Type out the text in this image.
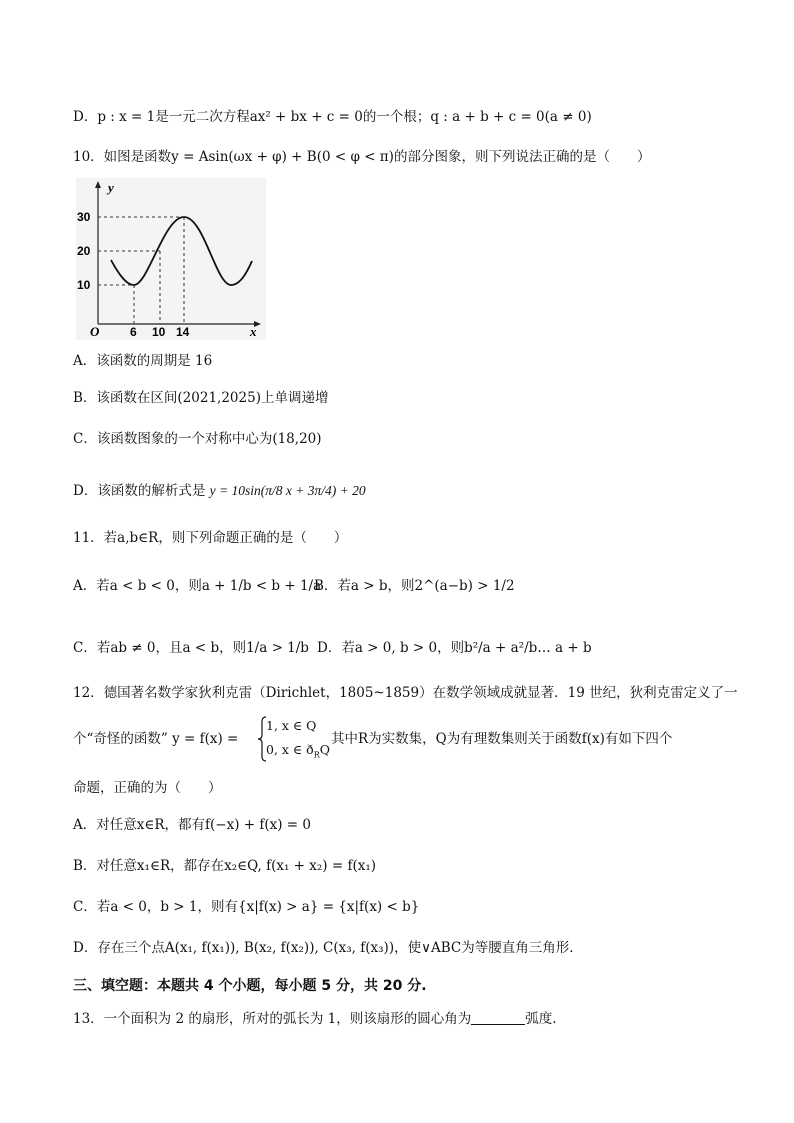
D．p : x = 1是一元二次方程ax² + bx + c = 0的一个根；q : a + b + c = 0(a ≠ 0)
10．如图是函数y = Asin(ωx + φ) + B(0 < φ < π)的部分图象，则下列说法正确的是（　　）
y
x
O
30
20
10
6 10 14
A．该函数的周期是 16
B．该函数在区间(2021,2025)上单调递增
C．该函数图象的一个对称中心为(18,20)
D．该函数的解析式是 y = 10sin(π/8 x + 3π/4) + 20
11．若a,b∈R，则下列命题正确的是（　　）
A．若a < b < 0，则a + 1/b < b + 1/a
B．若a > b，则2^(a−b) > 1/2
C．若ab ≠ 0，且a < b，则1/a > 1/b D．若a > 0, b > 0，则b²/a + a²/b… a + b
12．德国著名数学家狄利克雷（Dirichlet，1805~1859）在数学领域成就显著．19 世纪，狄利克雷定义了一
个“奇怪的函数” y = f(x) =
1, x ∈ Q
0, x ∈ $ð_RQ$
其中R为实数集，Q为有理数集则关于函数f(x)有如下四个
命题，正确的为（　　）
A．对任意x∈R，都有f(−x) + f(x) = 0
B．对任意x₁∈R，都存在x₂∈Q, f(x₁ + x₂) = f(x₁)
C．若a < 0，b > 1，则有{x|f(x) > a} = {x|f(x) < b}
D．存在三个点A(x₁, f(x₁)), B(x₂, f(x₂)), C(x₃, f(x₃))，使∨ABC为等腰直角三角形．
三、填空题：本题共 4 个小题，每小题 5 分，共 20 分.
13．一个面积为 2 的扇形，所对的弧长为 1，则该扇形的圆心角为	弧度.
